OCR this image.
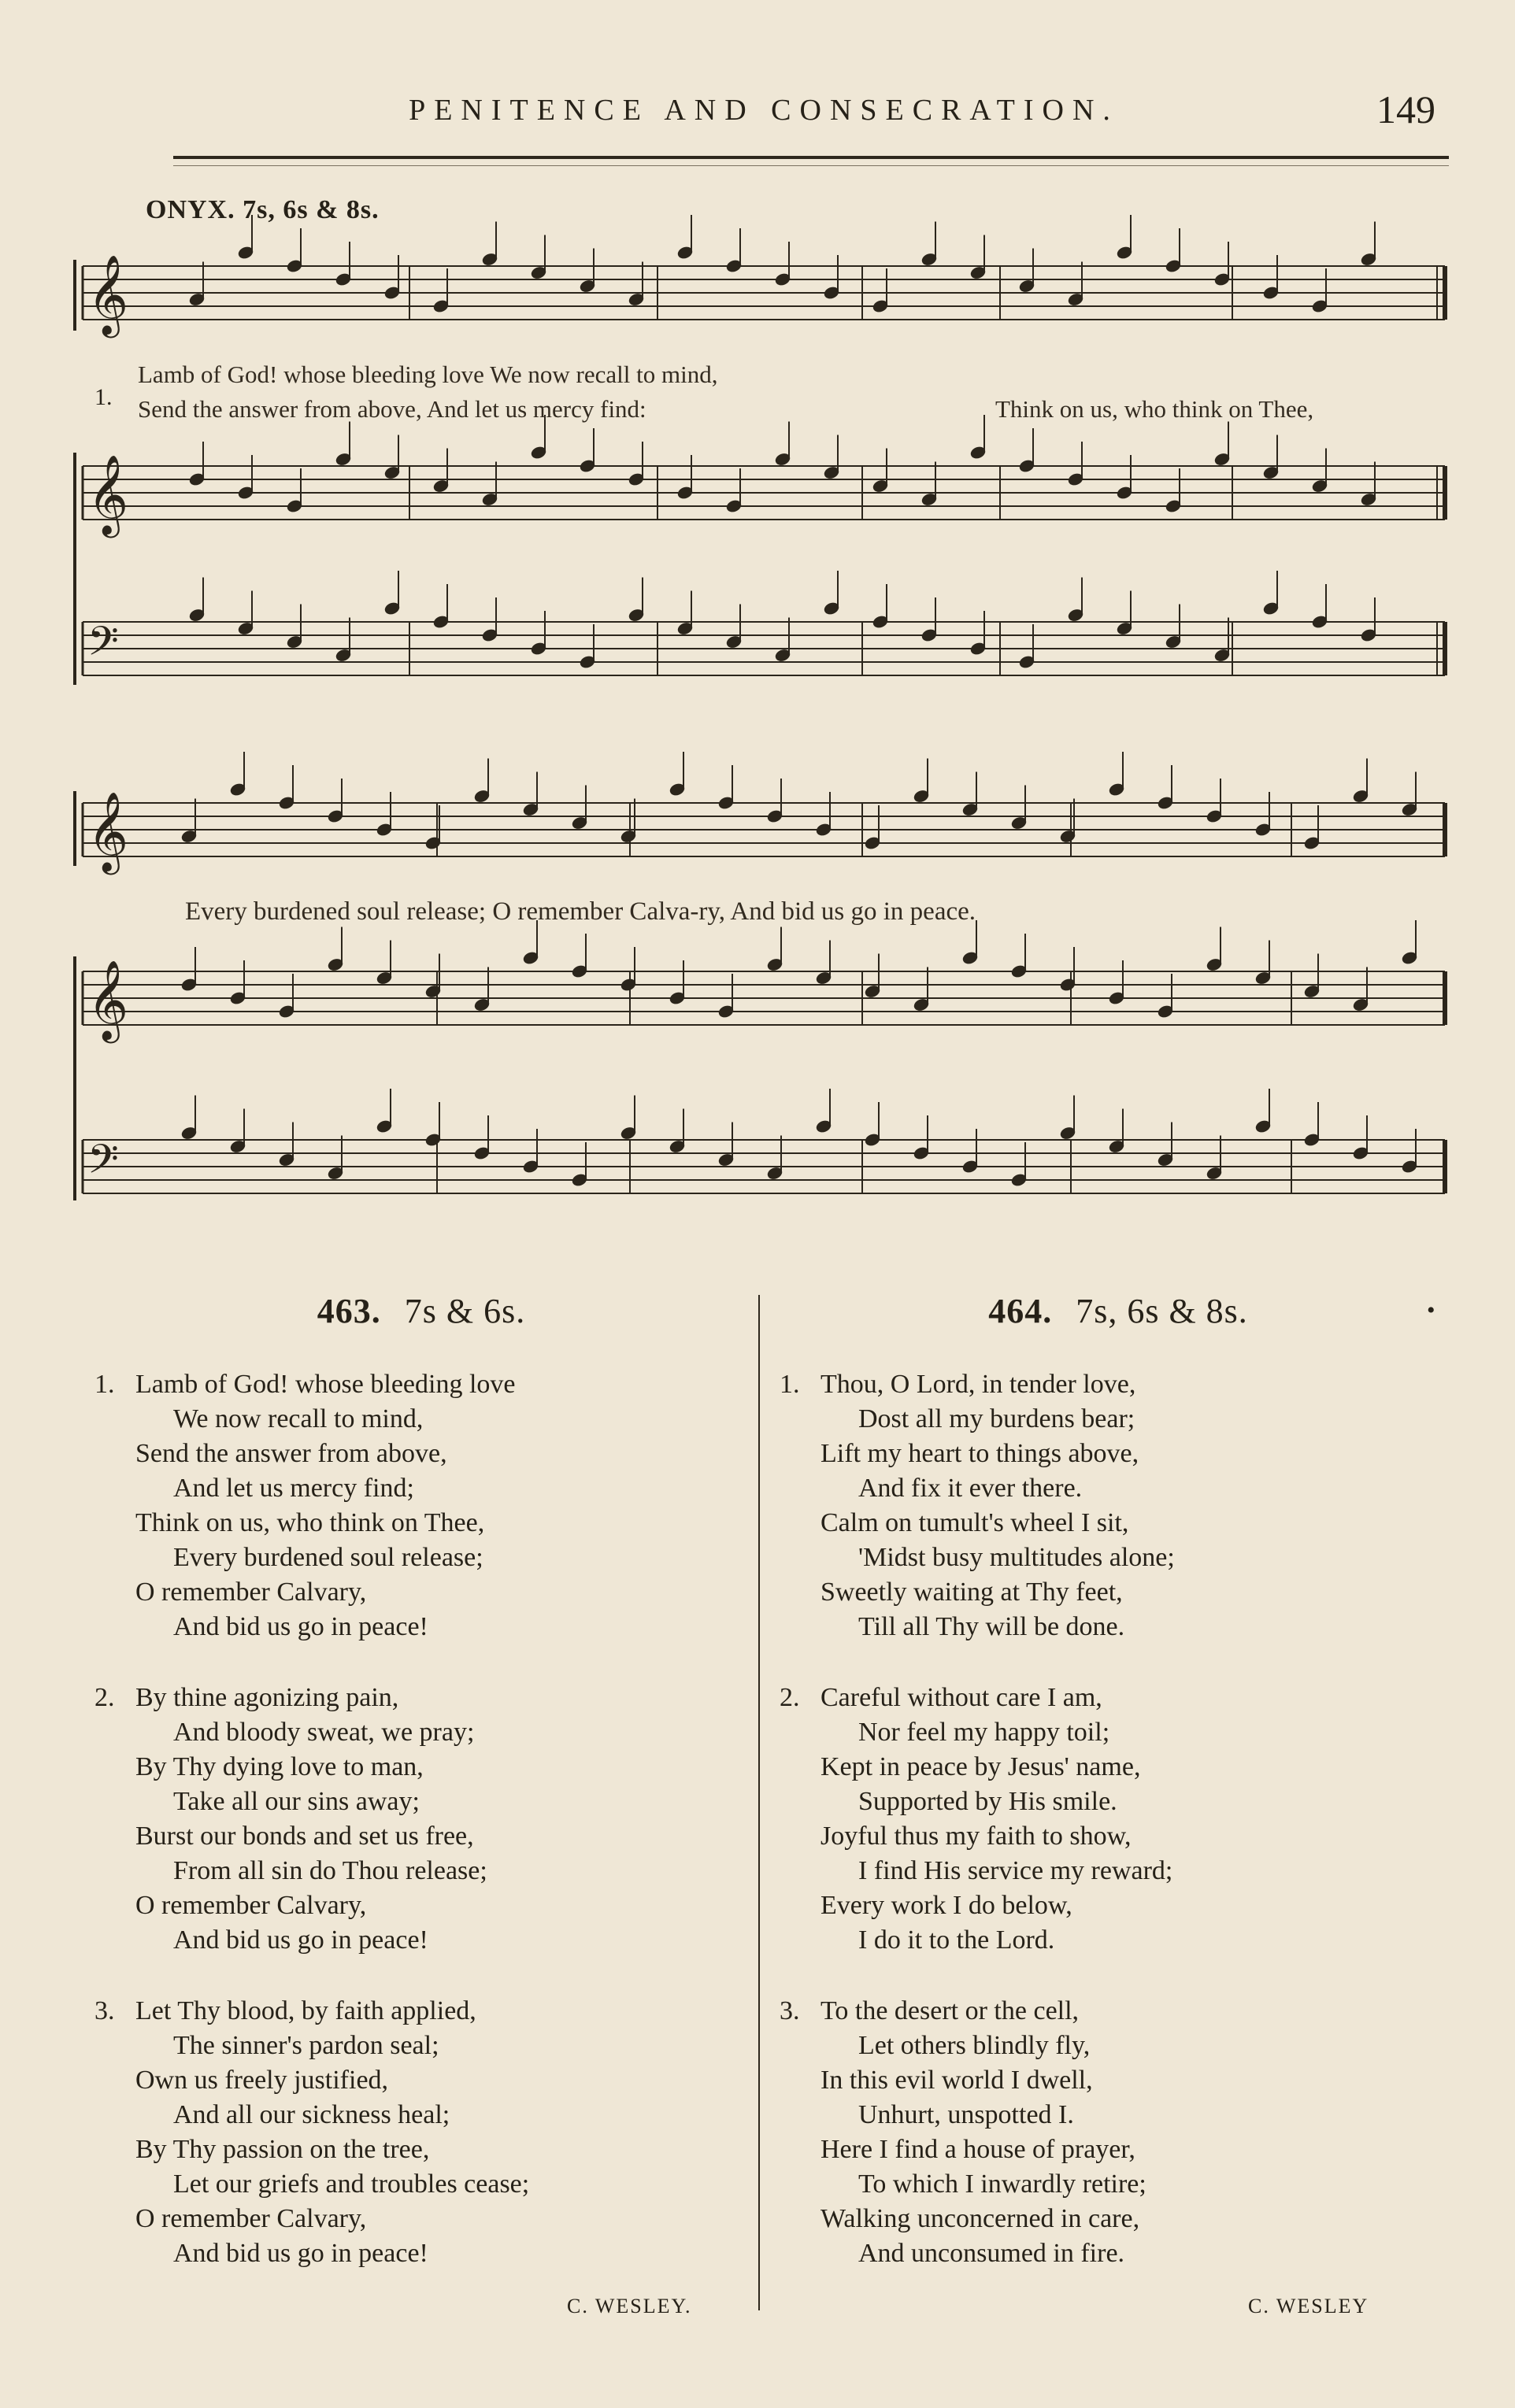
PENITENCE AND CONSECRATION.	149
ONYX. 7s, 6s & 8s.
𝄞
𝄞
𝄢
𝄞
𝄞
𝄢
1.
Lamb of God! whose bleeding love We now recall to mind,
Send the answer from above, And let us mercy find:	Think on us, who think on Thee,
Every burdened soul release; O remember Calva-ry, And bid us go in peace.
463. 7s & 6s.
1. Lamb of God! whose bleeding love
We now recall to mind,
Send the answer from above,
And let us mercy find;
Think on us, who think on Thee,
Every burdened soul release;
O remember Calvary,
And bid us go in peace!
2. By thine agonizing pain,
And bloody sweat, we pray;
By Thy dying love to man,
Take all our sins away;
Burst our bonds and set us free,
From all sin do Thou release;
O remember Calvary,
And bid us go in peace!
3. Let Thy blood, by faith applied,
The sinner's pardon seal;
Own us freely justified,
And all our sickness heal;
By Thy passion on the tree,
Let our griefs and troubles cease;
O remember Calvary,
And bid us go in peace!
C. WESLEY.
464. 7s, 6s & 8s.
1. Thou, O Lord, in tender love,
Dost all my burdens bear;
Lift my heart to things above,
And fix it ever there.
Calm on tumult's wheel I sit,
'Midst busy multitudes alone;
Sweetly waiting at Thy feet,
Till all Thy will be done.
2. Careful without care I am,
Nor feel my happy toil;
Kept in peace by Jesus' name,
Supported by His smile.
Joyful thus my faith to show,
I find His service my reward;
Every work I do below,
I do it to the Lord.
3. To the desert or the cell,
Let others blindly fly,
In this evil world I dwell,
Unhurt, unspotted I.
Here I find a house of prayer,
To which I inwardly retire;
Walking unconcerned in care,
And unconsumed in fire.
C. WESLEY
•
